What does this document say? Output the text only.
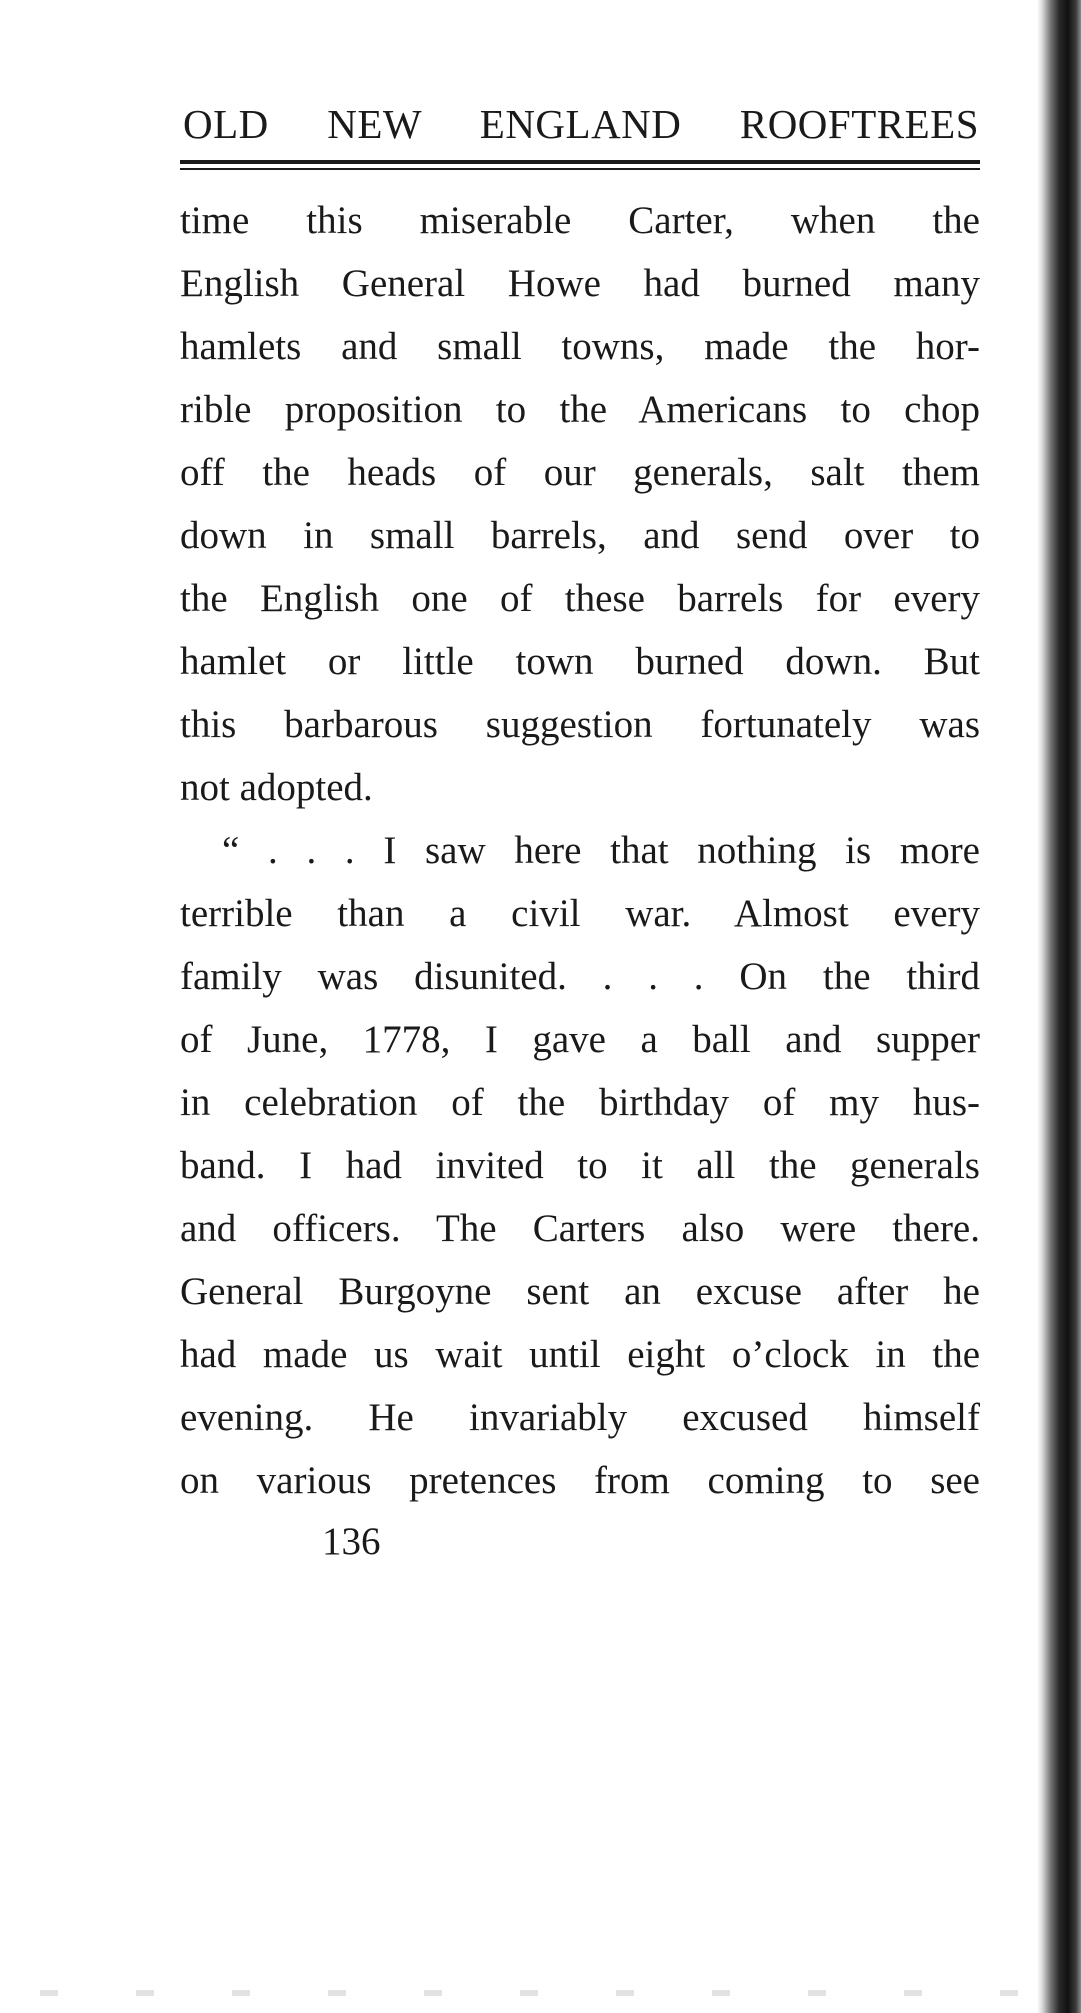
OLD NEW ENGLAND ROOFTREES
time this miserable Carter, when the
English General Howe had burned many
hamlets and small towns, made the hor-
rible proposition to the Americans to chop
off the heads of our generals, salt them
down in small barrels, and send over to
the English one of these barrels for every
hamlet or little town burned down. But
this barbarous suggestion fortunately was
not adopted.
“ . . . I saw here that nothing is more
terrible than a civil war. Almost every
family was disunited. . . . On the third
of June, 1778, I gave a ball and supper
in celebration of the birthday of my hus-
band. I had invited to it all the generals
and officers. The Carters also were there.
General Burgoyne sent an excuse after he
had made us wait until eight o’clock in the
evening. He invariably excused himself
on various pretences from coming to see
136
